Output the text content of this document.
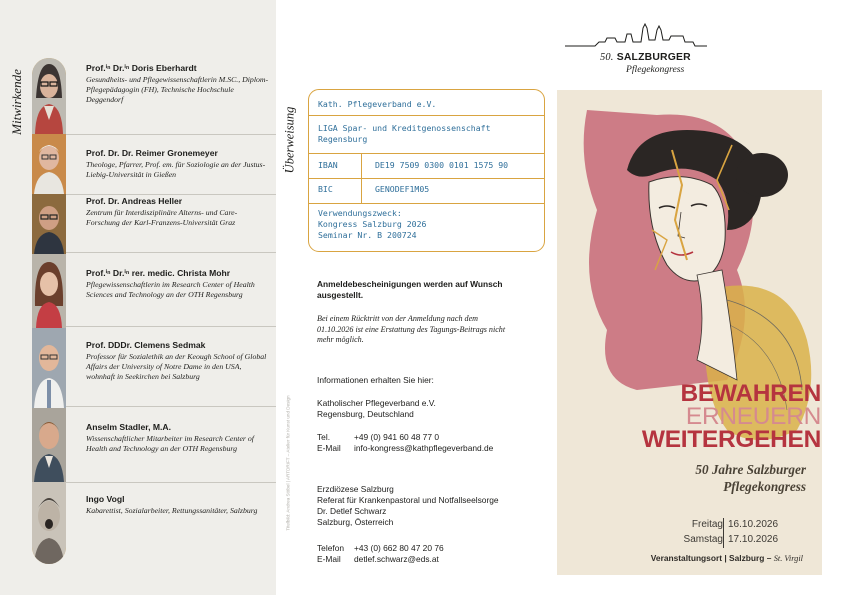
Mitwirkende
Prof.ⁱⁿ Dr.ⁱⁿ Doris Eberhardt
Gesundheits- und Pflegewissenschaftlerin M.SC., Diplom-Pflegepädagogin (FH), Technische Hochschule Deggendorf
Prof. Dr. Dr. Reimer Gronemeyer
Theologe, Pfarrer, Prof. em. für Soziologie an der Justus-Liebig-Universität in Gießen
Prof. Dr. Andreas Heller
Zentrum für Interdisziplinäre Alterns- und Care-Forschung der Karl-Franzens-Universität Graz
Prof.ⁱⁿ Dr.ⁱⁿ rer. medic. Christa Mohr
Pflegewissenschaftlerin im Research Center of Health Sciences and Technology an der OTH Regensburg
Prof. DDDr. Clemens Sedmak
Professor für Sozialethik an der Keough School of Global Affairs der University of Notre Dame in den USA, wohnhaft in Seekirchen bei Salzburg
Anselm Stadler, M.A.
Wissenschaftlicher Mitarbeiter im Research Center of Health and Technology an der OTH Regensburg
Ingo Vogl
Kabarettist, Sozialarbeiter, Rettungssanitäter, Salzburg
Überweisung
Titelbild: Andrea Stöbel | ARTDRIFT – Atelier für Kunst und Design
Kath. Pflegeverband e.V.
LIGA Spar- und Kreditgenossenschaft
Regensburg
IBAN	DE19 7509 0300 0101 1575 90
BIC	GENODEF1M05
Verwendungszweck:
Kongress Salzburg 2026
Seminar Nr. B 200724
Anmeldebescheinigungen werden auf Wunsch
ausgestellt.
Bei einem Rücktritt von der Anmeldung nach dem
01.10.2026 ist eine Erstattung des Tagungs-Beitrags nicht
mehr möglich.
Informationen erhalten Sie hier:
Katholischer Pflegeverband e.V.
Regensburg, Deutschland
Tel.	+49 (0) 941 60 48 77 0
E-Mail info-kongress@kathpflegeverband.de
Erzdiözese Salzburg
Referat für Krankenpastoral und Notfallseelsorge
Dr. Detlef Schwarz
Salzburg, Österreich
Telefon +43 (0) 662 80 47 20 76
E-Mail detlef.schwarz@eds.at
50. SALZBURGER
Pflegekongress
BEWAHREN
ERNEUERN
WEITERGEHEN
50 Jahre Salzburger
Pflegekongress
Freitag 16.10.2026
Samstag 17.10.2026
Veranstaltungsort | Salzburg – St. Virgil
